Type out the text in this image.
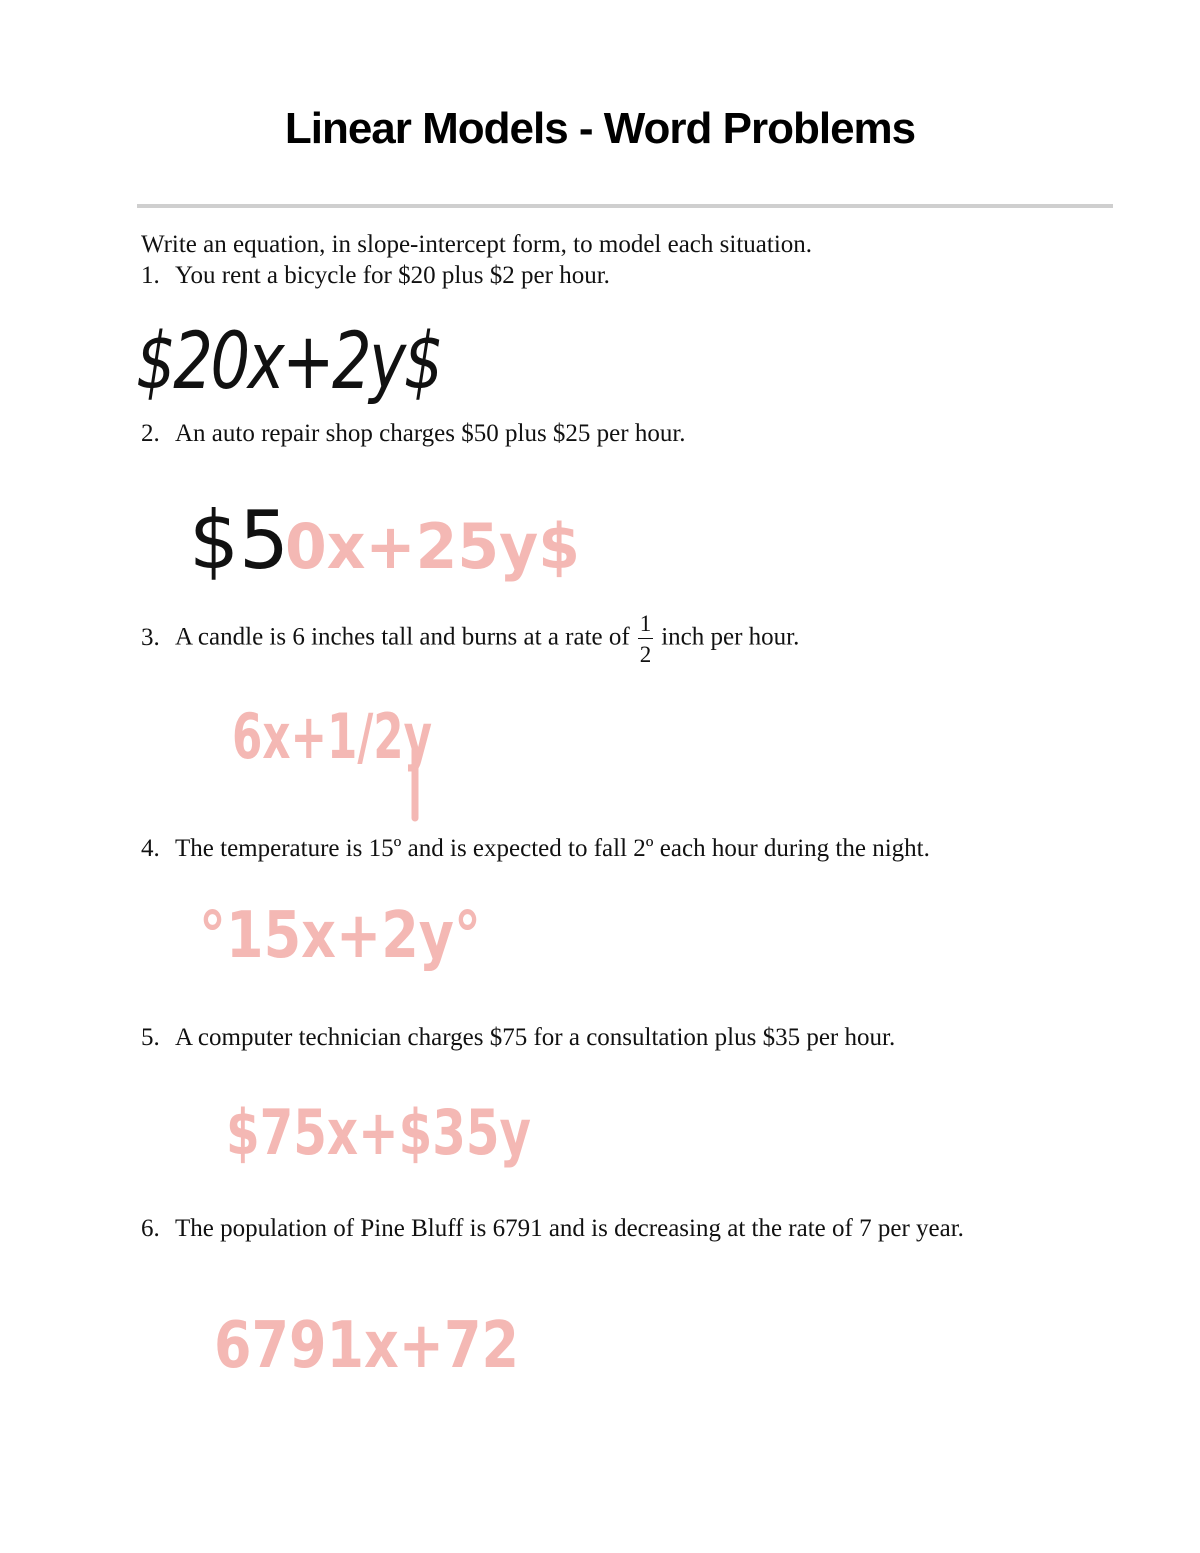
Linear Models - Word Problems
Write an equation, in slope-intercept form, to model each situation.
1. You rent a bicycle for $20 plus $2 per hour.
$20x+2y$
2. An auto repair shop charges $50 plus $25 per hour.
$5
0x+25y$
3. A candle is 6 inches tall and burns at a rate of $\frac{1}{2}$ inch per hour.
6x+1/2y
4. The temperature is 15º and is expected to fall 2º each hour during the night.
°15x+2y°
5. A computer technician charges $75 for a consultation plus $35 per hour.
$75x+$35y
6. The population of Pine Bluff is 6791 and is decreasing at the rate of 7 per year.
6791x+72
